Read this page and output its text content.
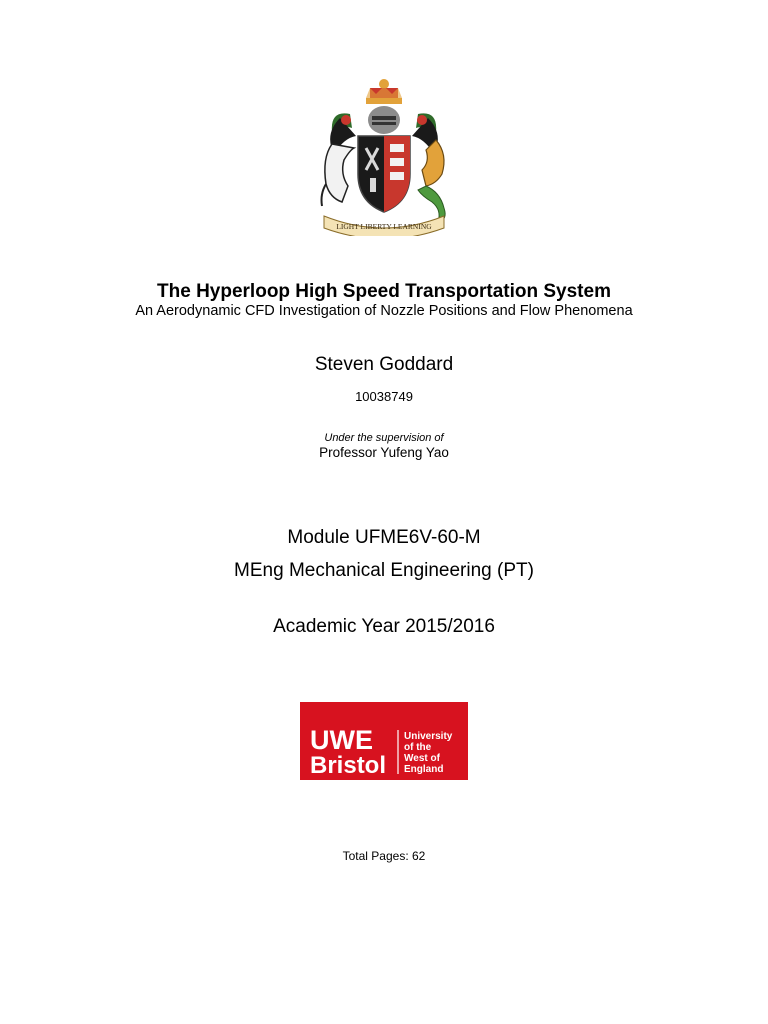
LIGHT LIBERTY LEARNING
The Hyperloop High Speed Transportation System
An Aerodynamic CFD Investigation of Nozzle Positions and Flow Phenomena
Steven Goddard
10038749
Under the supervision of
Professor Yufeng Yao
Module UFME6V-60-M
MEng Mechanical Engineering (PT)
Academic Year 2015/2016
UWE
Bristol
University
of the
West of
England
Total Pages: 62
